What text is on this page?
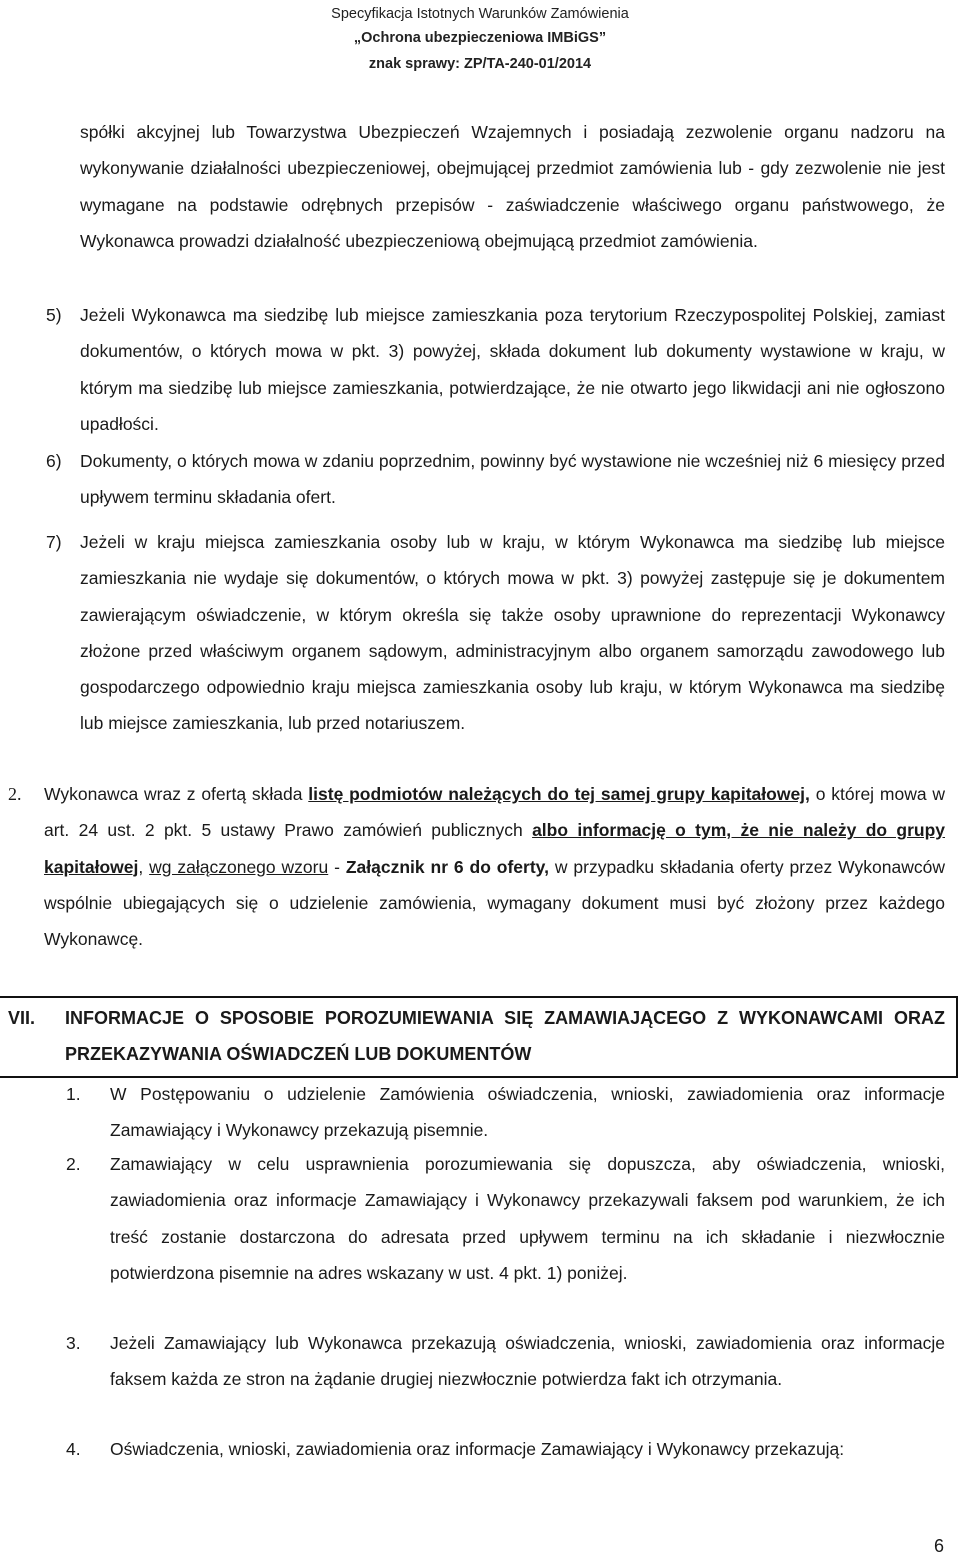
Specyfikacja Istotnych Warunków Zamówienia
„Ochrona ubezpieczeniowa IMBiGS”
znak sprawy: ZP/TA-240-01/2014
spółki akcyjnej lub Towarzystwa Ubezpieczeń Wzajemnych i posiadają zezwolenie organu nadzoru na wykonywanie działalności ubezpieczeniowej, obejmującej przedmiot zamówienia lub - gdy zezwolenie nie jest wymagane na podstawie odrębnych przepisów - zaświadczenie właściwego organu państwowego, że Wykonawca prowadzi działalność ubezpieczeniową obejmującą przedmiot zamówienia.
5) Jeżeli Wykonawca ma siedzibę lub miejsce zamieszkania poza terytorium Rzeczypospolitej Polskiej, zamiast dokumentów, o których mowa w pkt. 3) powyżej, składa dokument lub dokumenty wystawione w kraju, w którym ma siedzibę lub miejsce zamieszkania, potwierdzające, że nie otwarto jego likwidacji ani nie ogłoszono upadłości.
6) Dokumenty, o których mowa w zdaniu poprzednim, powinny być wystawione nie wcześniej niż 6 miesięcy przed upływem terminu składania ofert.
7) Jeżeli w kraju miejsca zamieszkania osoby lub w kraju, w którym Wykonawca ma siedzibę lub miejsce zamieszkania nie wydaje się dokumentów, o których mowa w pkt. 3) powyżej zastępuje się je dokumentem zawierającym oświadczenie, w którym określa się także osoby uprawnione do reprezentacji Wykonawcy złożone przed właściwym organem sądowym, administracyjnym albo organem samorządu zawodowego lub gospodarczego odpowiednio kraju miejsca zamieszkania osoby lub kraju, w którym Wykonawca ma siedzibę lub miejsce zamieszkania, lub przed notariuszem.
2. Wykonawca wraz z ofertą składa listę podmiotów należących do tej samej grupy kapitałowej, o której mowa w art. 24 ust. 2 pkt. 5 ustawy Prawo zamówień publicznych albo informację o tym, że nie należy do grupy kapitałowej, wg załączonego wzoru - Załącznik nr 6 do oferty, w przypadku składania oferty przez Wykonawców wspólnie ubiegających się o udzielenie zamówienia, wymagany dokument musi być złożony przez każdego Wykonawcę.
VII. INFORMACJE O SPOSOBIE POROZUMIEWANIA SIĘ ZAMAWIAJĄCEGO Z WYKONAWCAMI ORAZ PRZEKAZYWANIA OŚWIADCZEŃ LUB DOKUMENTÓW
1. W Postępowaniu o udzielenie Zamówienia oświadczenia, wnioski, zawiadomienia oraz informacje Zamawiający i Wykonawcy przekazują pisemnie.
2. Zamawiający w celu usprawnienia porozumiewania się dopuszcza, aby oświadczenia, wnioski, zawiadomienia oraz informacje Zamawiający i Wykonawcy przekazywali faksem pod warunkiem, że ich treść zostanie dostarczona do adresata przed upływem terminu na ich składanie i niezwłocznie potwierdzona pisemnie na adres wskazany w ust. 4 pkt. 1) poniżej.
3. Jeżeli Zamawiający lub Wykonawca przekazują oświadczenia, wnioski, zawiadomienia oraz informacje faksem każda ze stron na żądanie drugiej niezwłocznie potwierdza fakt ich otrzymania.
4. Oświadczenia, wnioski, zawiadomienia oraz informacje Zamawiający i Wykonawcy przekazują:
6
